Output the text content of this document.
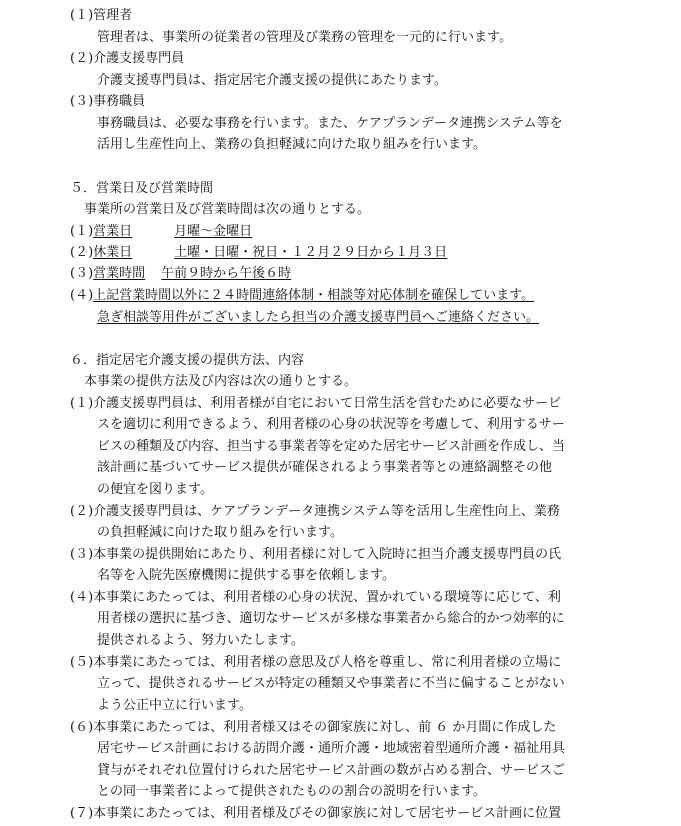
(１)管理者
管理者は、事業所の従業者の管理及び業務の管理を一元的に行います。
(２)介護支援専門員
介護支援専門員は、指定居宅介護支援の提供にあたります。
(３)事務職員
事務職員は、必要な事務を行います。また、ケアプランデータ連携システム等を
活用し生産性向上、業務の負担軽減に向けた取り組みを行います。
５．営業日及び営業時間
事業所の営業日及び営業時間は次の通りとする。
(１)営業日	月曜～金曜日
(２)休業日	土曜・日曜・祝日・１２月２９日から１月３日
(３)営業時間 午前９時から午後６時
(４)上記営業時間以外に２４時間連絡体制・相談等対応体制を確保しています。
急ぎ相談等用件がございましたら担当の介護支援専門員へご連絡ください。
６．指定居宅介護支援の提供方法、内容
本事業の提供方法及び内容は次の通りとする。
(１)介護支援専門員は、利用者様が自宅において日常生活を営むために必要なサービ
スを適切に利用できるよう、利用者様の心身の状況等を考慮して、利用するサー
ビスの種類及び内容、担当する事業者等を定めた居宅サービス計画を作成し、当
該計画に基づいてサービス提供が確保されるよう事業者等との連絡調整その他
の便宜を図ります。
(２)介護支援専門員は、ケアプランデータ連携システム等を活用し生産性向上、業務
の負担軽減に向けた取り組みを行います。
(３)本事業の提供開始にあたり、利用者様に対して入院時に担当介護支援専門員の氏
名等を入院先医療機関に提供する事を依頼します。
(４)本事業にあたっては、利用者様の心身の状況、置かれている環境等に応じて、利
用者様の選択に基づき、適切なサービスが多様な事業者から総合的かつ効率的に
提供されるよう、努力いたします。
(５)本事業にあたっては、利用者様の意思及び人格を尊重し、常に利用者様の立場に
立って、提供されるサービスが特定の種類又や事業者に不当に偏することがない
よう公正中立に行います。
(６)本事業にあたっては、利用者様又はその御家族に対し、前 ６ か月間に作成した
居宅サービス計画における訪問介護・通所介護・地域密着型通所介護・福祉用具
貸与がそれぞれ位置付けられた居宅サービス計画の数が占める割合、サービスご
との同一事業者によって提供されたものの割合の説明を行います。
(７)本事業にあたっては、利用者様及びその御家族に対して居宅サービス計画に位置
